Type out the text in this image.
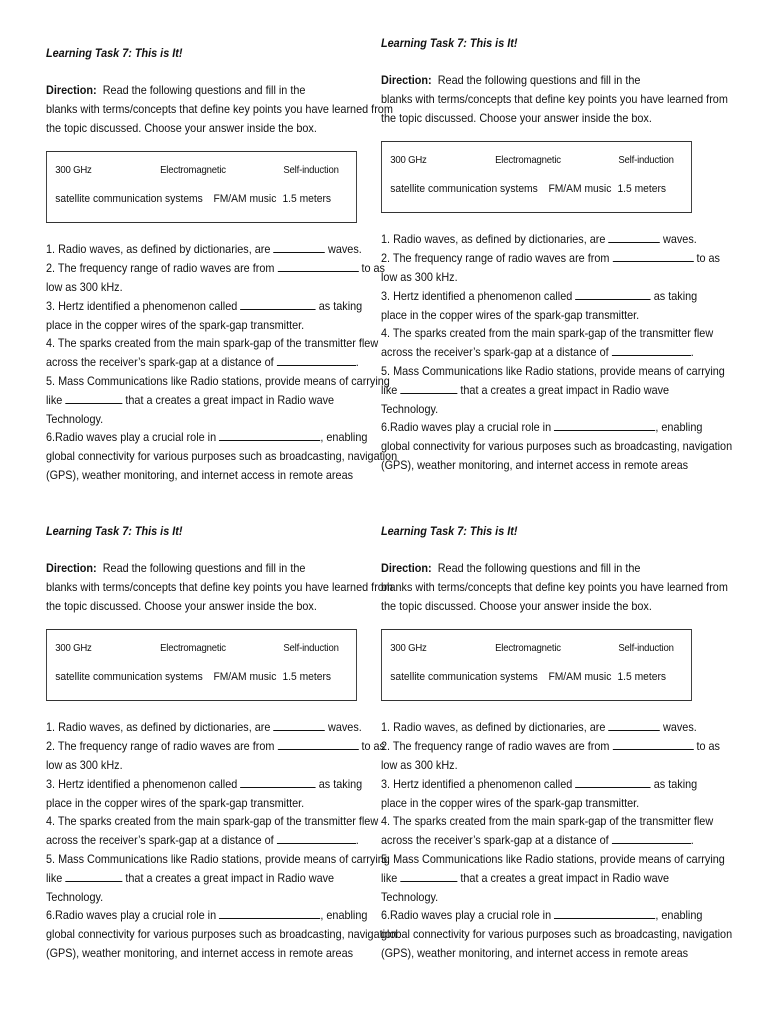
Learning Task 7: This is It!

Direction: Read the following questions and fill in the

blanks with terms/concepts that define key points you have learned from

the topic discussed. Choose your answer inside the box.

300 GHz	Electromagnetic	Self-induction
satellite communication systems FM/AM music 1.5 meters
1. Radio waves, as defined by dictionaries, are	waves.
2. The frequency range of radio waves are from	to as
low as 300 kHz.
3. Hertz identified a phenomenon called	as taking
place in the copper wires of the spark-gap transmitter.
4. The sparks created from the main spark-gap of the transmitter flew
across the receiver’s spark-gap at a distance of	.
5. Mass Communications like Radio stations, provide means of carrying
like	that a creates a great impact in Radio wave
Technology.
6.Radio waves play a crucial role in	, enabling
global connectivity for various purposes such as broadcasting, navigation
(GPS), weather monitoring, and internet access in remote areas

Learning Task 7: This is It!

Direction: Read the following questions and fill in the

blanks with terms/concepts that define key points you have learned from

the topic discussed. Choose your answer inside the box.

300 GHz	Electromagnetic	Self-induction
satellite communication systems FM/AM music 1.5 meters
1. Radio waves, as defined by dictionaries, are	waves.
2. The frequency range of radio waves are from	to as
low as 300 kHz.
3. Hertz identified a phenomenon called	as taking
place in the copper wires of the spark-gap transmitter.
4. The sparks created from the main spark-gap of the transmitter flew
across the receiver’s spark-gap at a distance of	.
5. Mass Communications like Radio stations, provide means of carrying
like	that a creates a great impact in Radio wave
Technology.
6.Radio waves play a crucial role in	, enabling
global connectivity for various purposes such as broadcasting, navigation
(GPS), weather monitoring, and internet access in remote areas

Learning Task 7: This is It!

Direction: Read the following questions and fill in the

blanks with terms/concepts that define key points you have learned from

the topic discussed. Choose your answer inside the box.

300 GHz	Electromagnetic	Self-induction
satellite communication systems FM/AM music 1.5 meters
1. Radio waves, as defined by dictionaries, are	waves.
2. The frequency range of radio waves are from	to as
low as 300 kHz.
3. Hertz identified a phenomenon called	as taking
place in the copper wires of the spark-gap transmitter.
4. The sparks created from the main spark-gap of the transmitter flew
across the receiver’s spark-gap at a distance of	.
5. Mass Communications like Radio stations, provide means of carrying
like	that a creates a great impact in Radio wave
Technology.
6.Radio waves play a crucial role in	, enabling
global connectivity for various purposes such as broadcasting, navigation
(GPS), weather monitoring, and internet access in remote areas

Learning Task 7: This is It!

Direction: Read the following questions and fill in the

blanks with terms/concepts that define key points you have learned from

the topic discussed. Choose your answer inside the box.

300 GHz	Electromagnetic	Self-induction
satellite communication systems FM/AM music 1.5 meters
1. Radio waves, as defined by dictionaries, are	waves.
2. The frequency range of radio waves are from	to as
low as 300 kHz.
3. Hertz identified a phenomenon called	as taking
place in the copper wires of the spark-gap transmitter.
4. The sparks created from the main spark-gap of the transmitter flew
across the receiver’s spark-gap at a distance of	.
5. Mass Communications like Radio stations, provide means of carrying
like	that a creates a great impact in Radio wave
Technology.
6.Radio waves play a crucial role in	, enabling
global connectivity for various purposes such as broadcasting, navigation
(GPS), weather monitoring, and internet access in remote areas
